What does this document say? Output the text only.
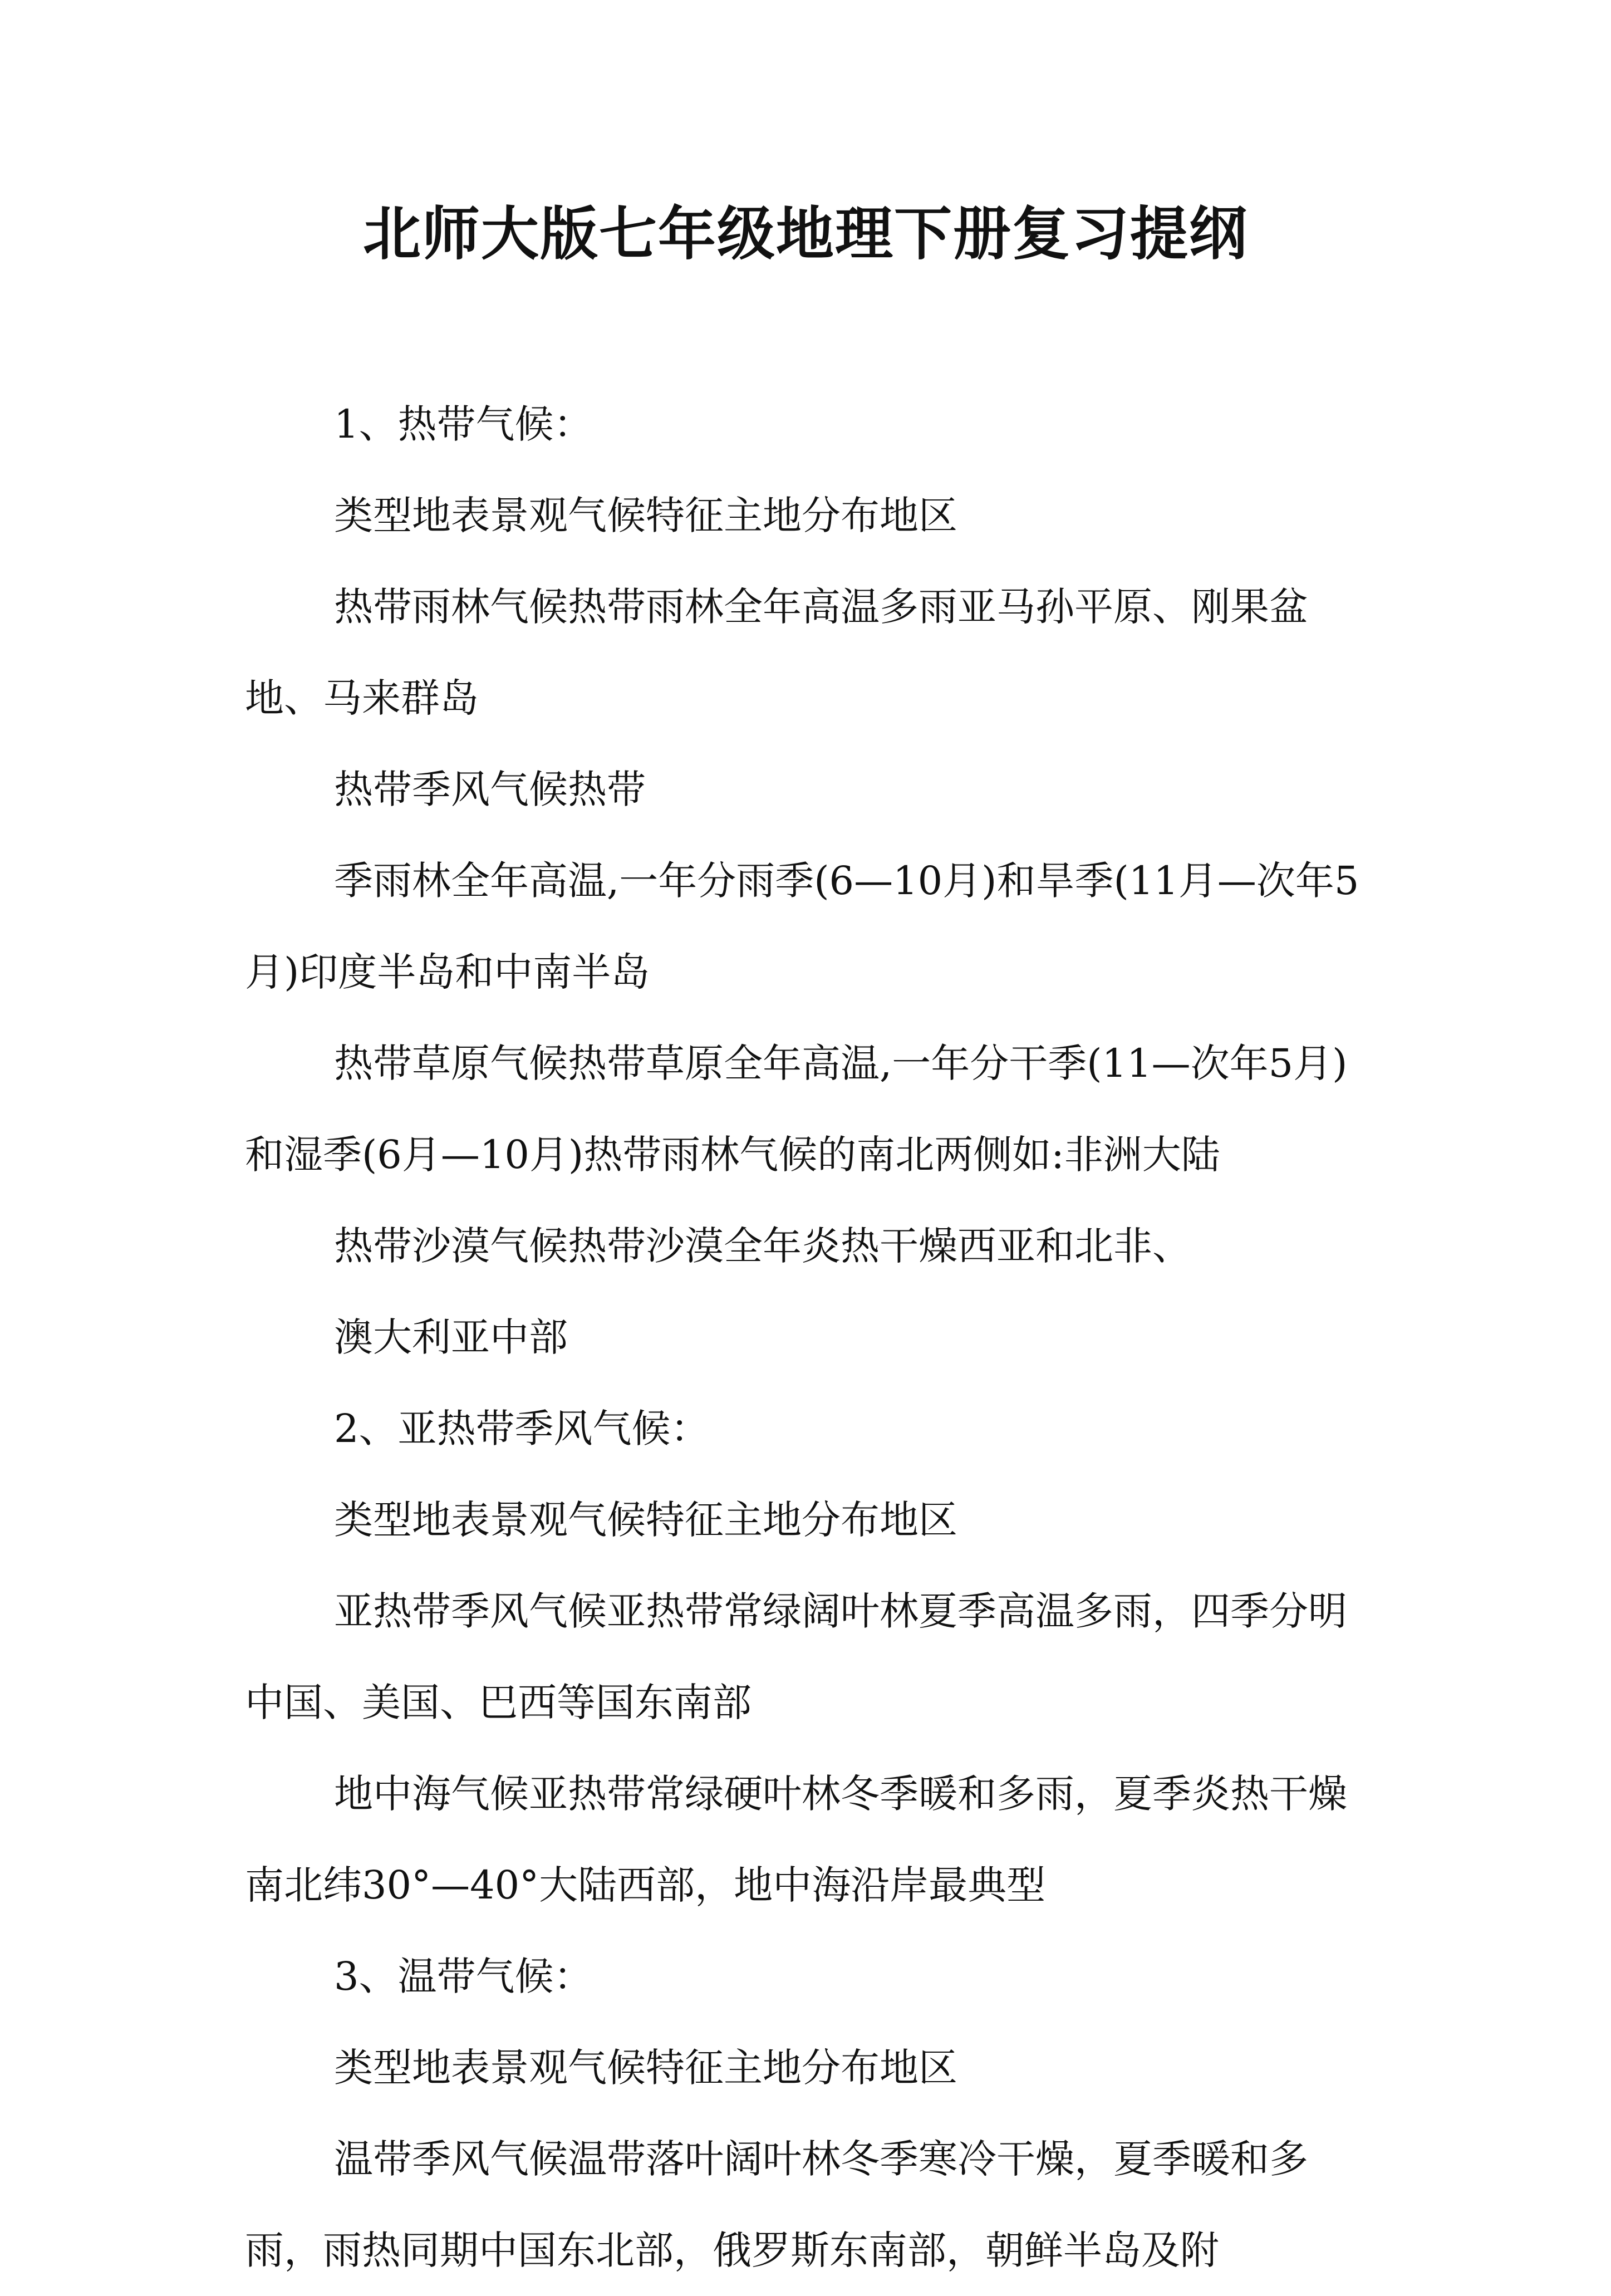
北师大版七年级地理下册复习提纲

1、热带气候：

类型地表景观气候特征主地分布地区

热带雨林气候热带雨林全年高温多雨亚马孙平原、刚果盆地、马来群岛

热带季风气候热带

季雨林全年高温,一年分雨季(6—10月)和旱季(11月—次年5月)印度半岛和中南半岛

热带草原气候热带草原全年高温,一年分干季(11—次年5月)和湿季(6月—10月)热带雨林气候的南北两侧如:非洲大陆

热带沙漠气候热带沙漠全年炎热干燥西亚和北非、

澳大利亚中部

2、亚热带季风气候：

类型地表景观气候特征主地分布地区

亚热带季风气候亚热带常绿阔叶林夏季高温多雨，四季分明中国、美国、巴西等国东南部

地中海气候亚热带常绿硬叶林冬季暖和多雨，夏季炎热干燥南北纬30°—40°大陆西部，地中海沿岸最典型

3、温带气候：

类型地表景观气候特征主地分布地区

温带季风气候温带落叶阔叶林冬季寒冷干燥，夏季暖和多雨，雨热同期中国东北部，俄罗斯东南部，朝鲜半岛及附
